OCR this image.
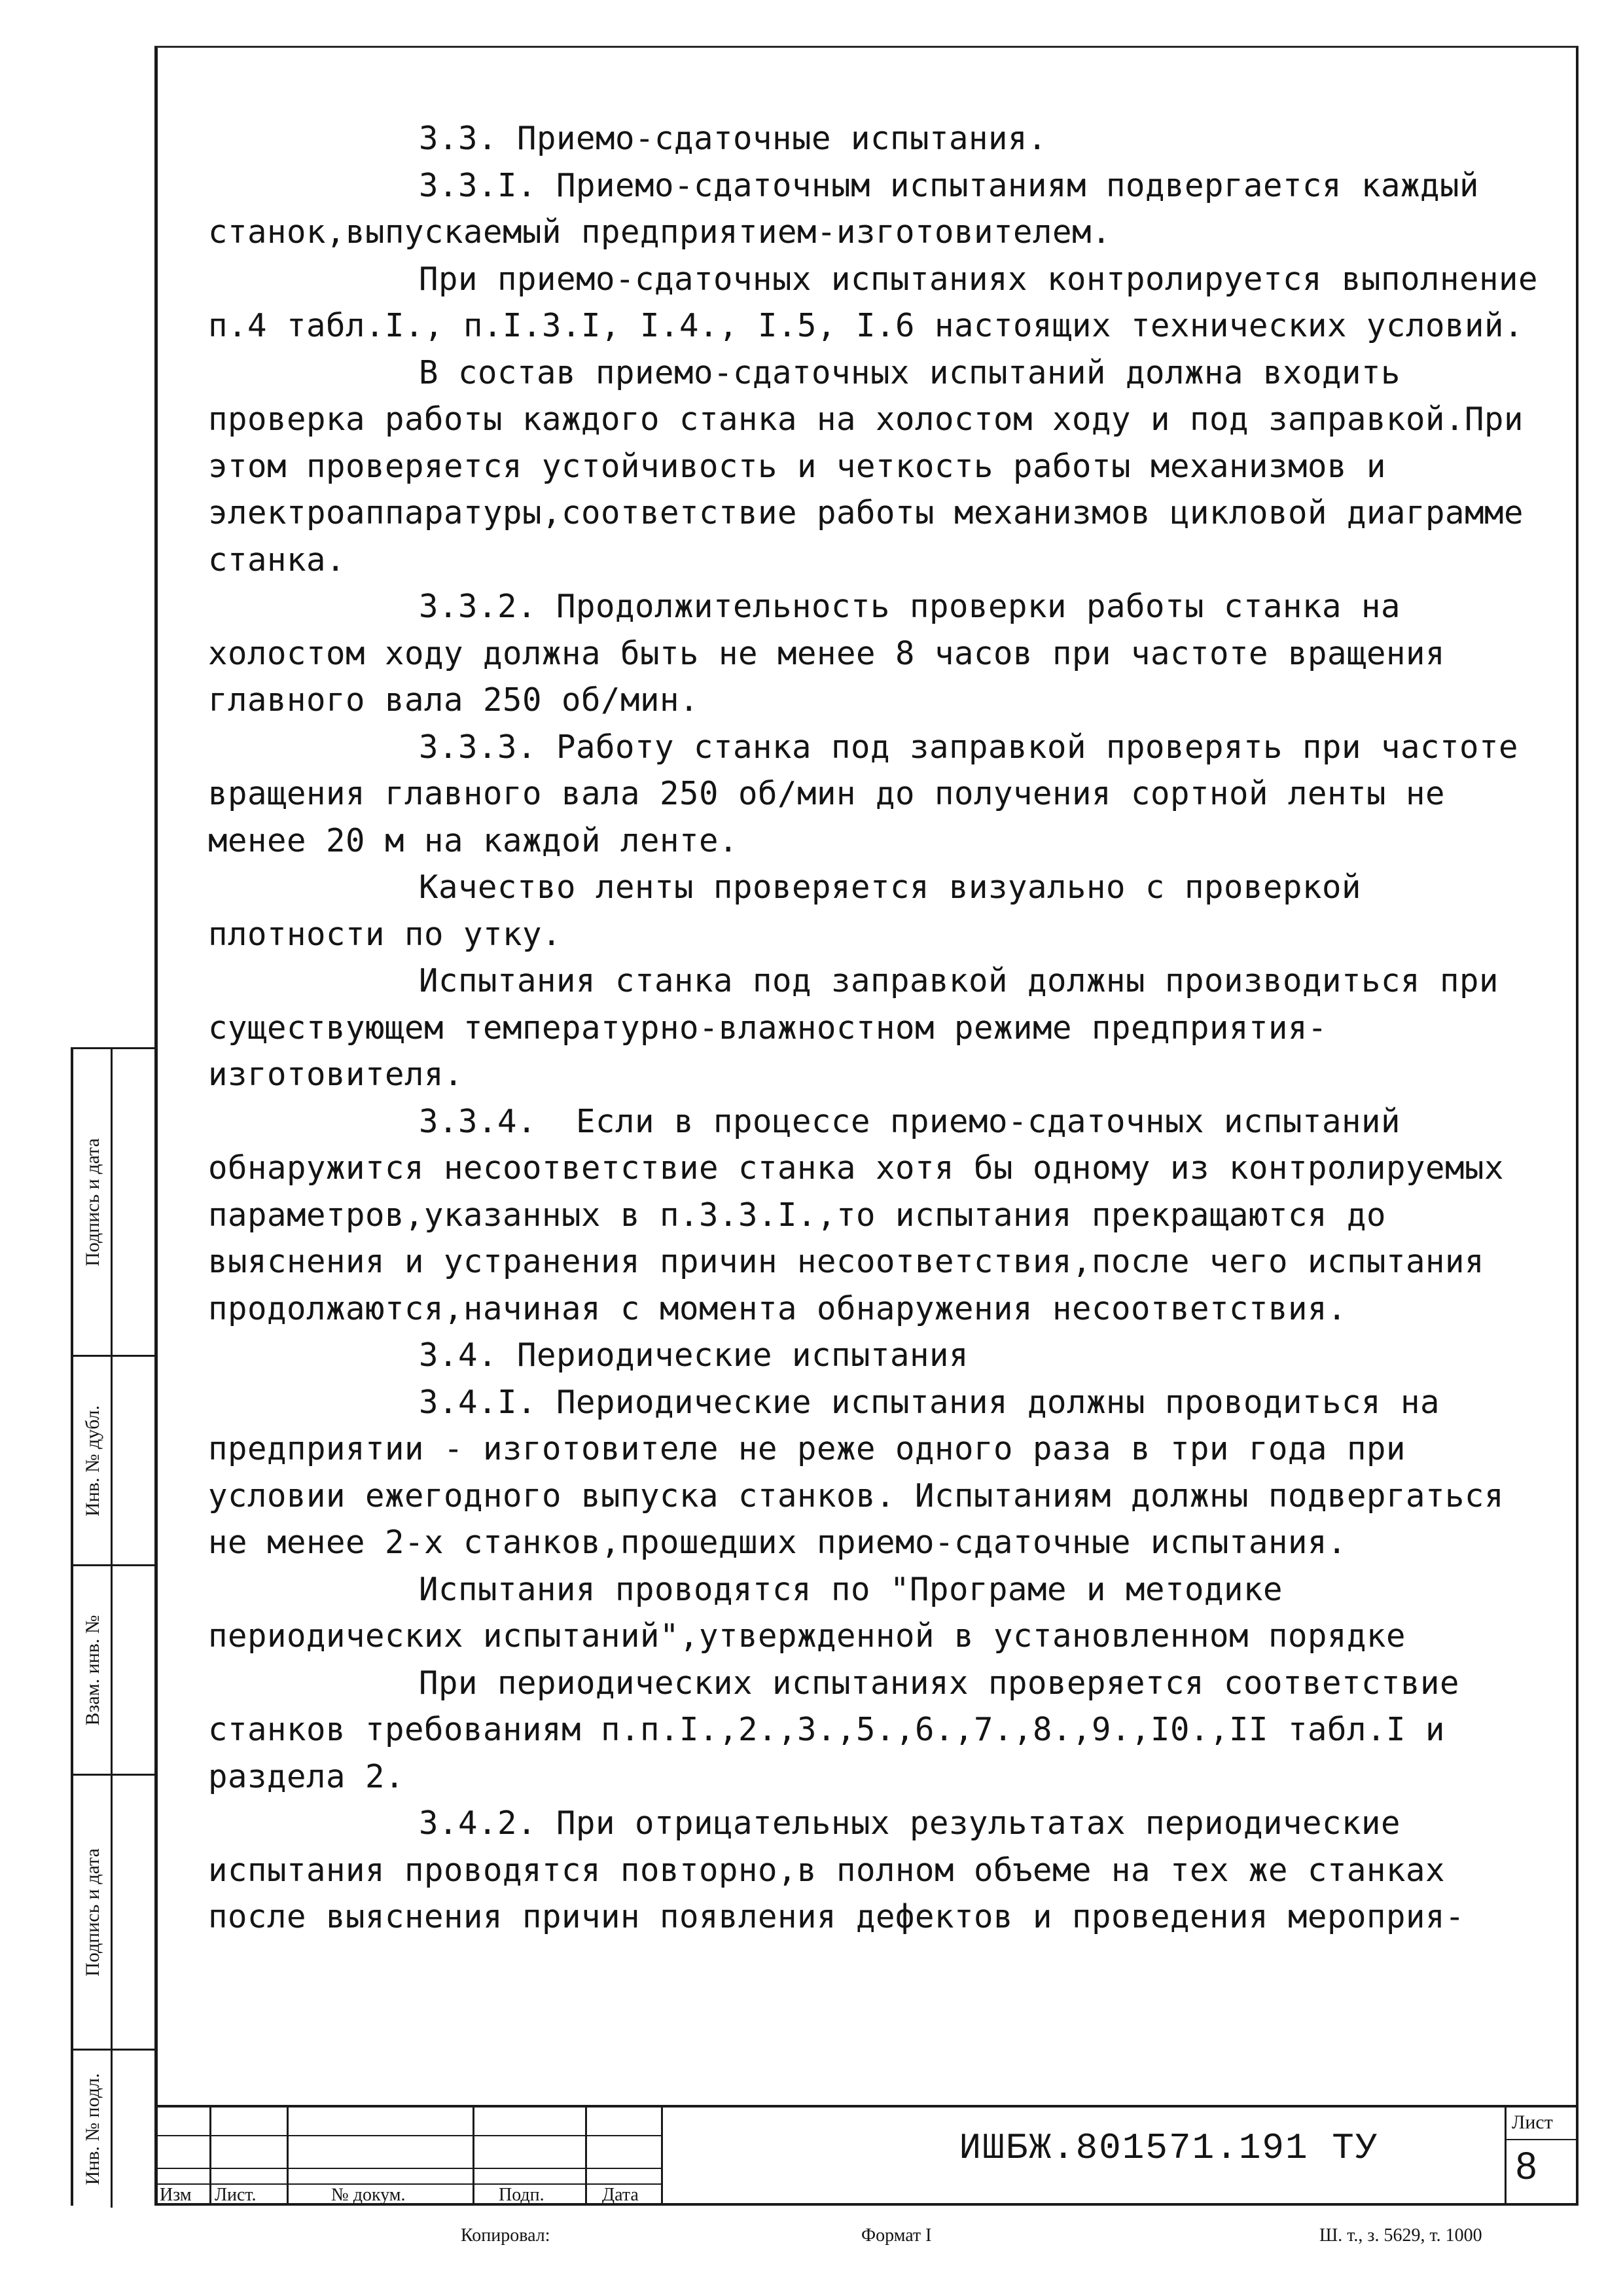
3.3. Приемо-сдаточные испытания.

3.3.I. Приемо-сдаточным испытаниям подвергается каждый станок,выпускаемый предприятием-изготовителем.

При приемо-сдаточных испытаниях контролируется выполнение п.4 табл.I., п.I.3.I, I.4., I.5, I.6 настоящих технических условий.

В состав приемо-сдаточных испытаний должна входить проверка работы каждого станка на холостом ходу и под заправкой.При этом проверяется устойчивость и четкость работы механизмов и электроаппаратуры,соответствие работы механизмов цикловой диаграмме станка.

3.3.2. Продолжительность проверки работы станка на холостом ходу должна быть не менее 8 часов при частоте вращения главного вала 250 об/мин.

3.3.3. Работу станка под заправкой проверять при частоте вращения главного вала 250 об/мин до получения сортной ленты не менее 20 м на каждой ленте.

Качество ленты проверяется визуально с проверкой плотности по утку.

Испытания станка под заправкой должны производиться при существующем температурно-влажностном режиме предприятия-изготовителя.

3.3.4.  Если в процессе приемо-сдаточных испытаний обнаружится несоответствие станка хотя бы одному из контролируемых параметров,указанных в п.3.3.I.,то испытания прекращаются до выяснения и устранения причин несоответствия,после чего испытания продолжаются,начиная с момента обнаружения несоответствия.

3.4. Периодические испытания

3.4.I. Периодические испытания должны проводиться на предприятии - изготовителе не реже одного раза в три года при условии ежегодного выпуска станков. Испытаниям должны подвергаться не менее 2-х станков,прошедших приемо-сдаточные испытания.

Испытания проводятся по "Програме и методике периодических испытаний",утвержденной в установленном порядке

При периодических испытаниях проверяется соответствие станков требованиям п.п.I.,2.,3.,5.,6.,7.,8.,9.,I0.,II табл.I и раздела 2.

3.4.2. При отрицательных результатах периодические испытания проводятся повторно,в полном объеме на тех же станках после выяснения причин появления дефектов и проведения мероприя-

Подпись и дата
Инв. № дубл.
Взам. инв. №
Подпись и дата
Инв. № подл.
Изм Лист.	№ докум.	Подп.	Дата
ИШБЖ.801571.191 ТУ
Лист
8
Копировал:	Формат I	Ш. т., з. 5629, т. 1000
